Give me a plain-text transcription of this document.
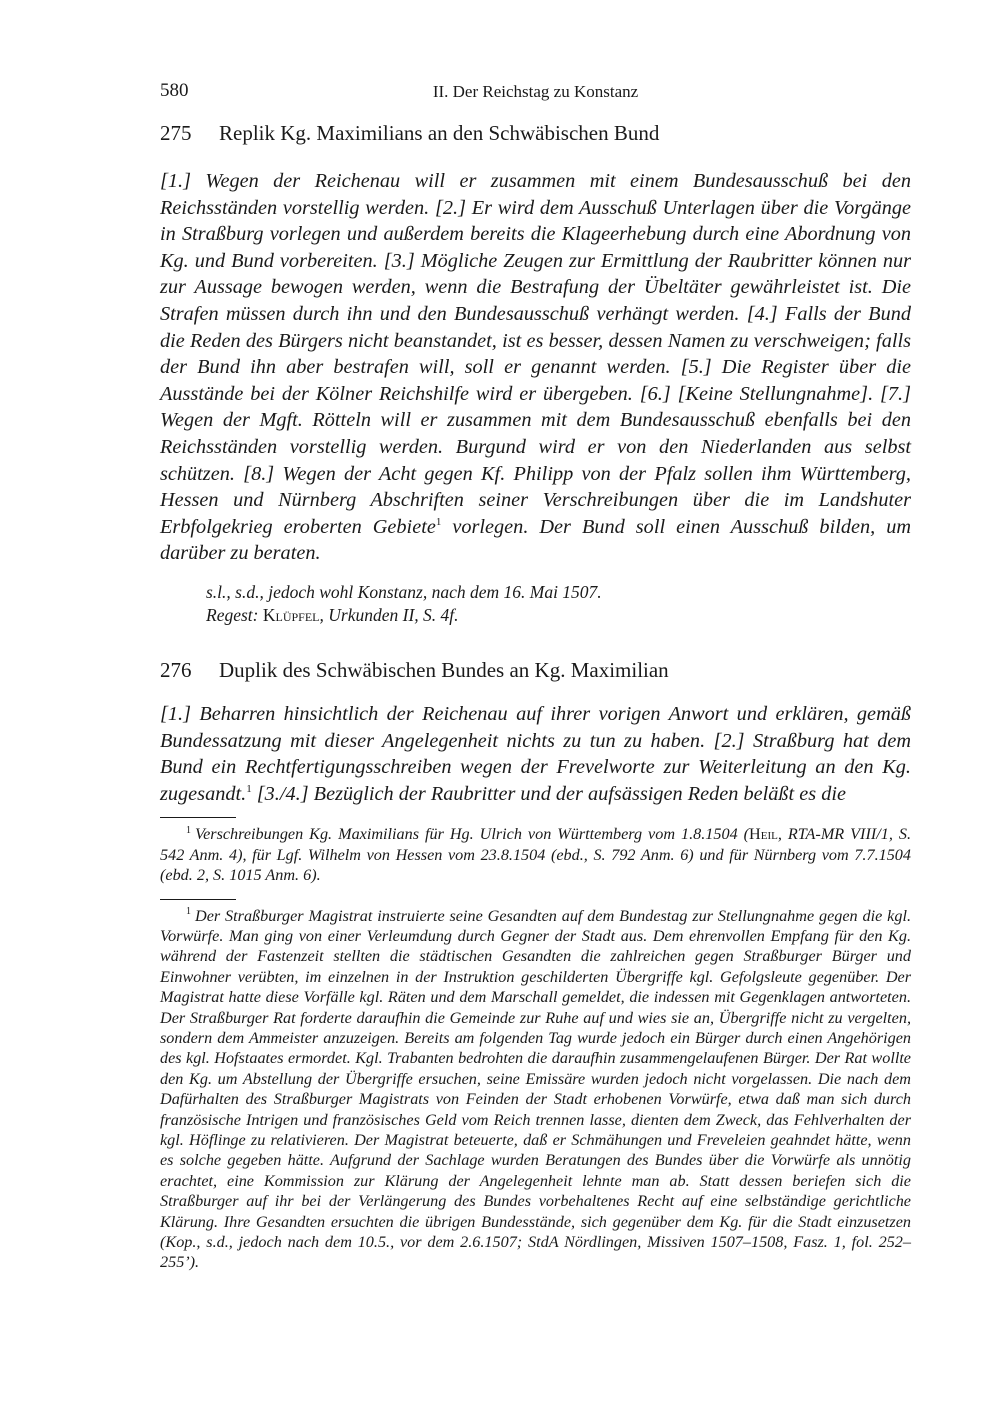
580	II. Der Reichstag zu Konstanz
275	Replik Kg. Maximilians an den Schwäbischen Bund

[1.] Wegen der Reichenau will er zusammen mit einem Bundesausschuß bei den Reichsständen vorstellig werden. [2.] Er wird dem Ausschuß Unterlagen über die Vorgänge in Straßburg vorlegen und außerdem bereits die Klageerhebung durch eine Abordnung von Kg. und Bund vorbereiten. [3.] Mögliche Zeugen zur Ermittlung der Raubritter können nur zur Aussage bewogen werden, wenn die Bestrafung der Übeltäter gewährleistet ist. Die Strafen müssen durch ihn und den Bundesausschuß verhängt werden. [4.] Falls der Bund die Reden des Bürgers nicht beanstandet, ist es besser, dessen Namen zu verschweigen; falls der Bund ihn aber bestrafen will, soll er genannt werden. [5.] Die Register über die Ausstände bei der Kölner Reichshilfe wird er übergeben. [6.] [Keine Stellungnahme]. [7.] Wegen der Mgft. Rötteln will er zusammen mit dem Bundesausschuß ebenfalls bei den Reichsständen vorstellig werden. Burgund wird er von den Niederlanden aus selbst schützen. [8.] Wegen der Acht gegen Kf. Philipp von der Pfalz sollen ihm Württemberg, Hessen und Nürnberg Abschriften seiner Verschreibungen über die im Landshuter Erbfolgekrieg eroberten Gebiete$^1$ vorlegen. Der Bund soll einen Ausschuß bilden, um darüber zu beraten.

s.l., s.d., jedoch wohl Konstanz, nach dem 16. Mai 1507.
Regest: Klüpfel, Urkunden II, S. 4f.
276	Duplik des Schwäbischen Bundes an Kg. Maximilian

[1.] Beharren hinsichtlich der Reichenau auf ihrer vorigen Anwort und erklären, gemäß Bundessatzung mit dieser Angelegenheit nichts zu tun zu haben. [2.] Straßburg hat dem Bund ein Rechtfertigungsschreiben wegen der Frevelworte zur Weiterleitung an den Kg. zugesandt.$^1$ [3./4.] Bezüglich der Raubritter und der aufsässigen Reden beläßt es die

$^1$ Verschreibungen Kg. Maximilians für Hg. Ulrich von Württemberg vom 1.8.1504 (Heil, RTA-MR VIII/1, S. 542 Anm. 4), für Lgf. Wilhelm von Hessen vom 23.8.1504 (ebd., S. 792 Anm. 6) und für Nürnberg vom 7.7.1504 (ebd. 2, S. 1015 Anm. 6).

$^1$ Der Straßburger Magistrat instruierte seine Gesandten auf dem Bundestag zur Stellungnahme gegen die kgl. Vorwürfe. Man ging von einer Verleumdung durch Gegner der Stadt aus. Dem ehrenvollen Empfang für den Kg. während der Fastenzeit stellten die städtischen Gesandten die zahlreichen gegen Straßburger Bürger und Einwohner verübten, im einzelnen in der Instruktion geschilderten Übergriffe kgl. Gefolgsleute gegenüber. Der Magistrat hatte diese Vorfälle kgl. Räten und dem Marschall gemeldet, die indessen mit Gegenklagen antworteten. Der Straßburger Rat forderte daraufhin die Gemeinde zur Ruhe auf und wies sie an, Übergriffe nicht zu vergelten, sondern dem Ammeister anzuzeigen. Bereits am folgenden Tag wurde jedoch ein Bürger durch einen Angehörigen des kgl. Hofstaates ermordet. Kgl. Trabanten bedrohten die daraufhin zusammengelaufenen Bürger. Der Rat wollte den Kg. um Abstellung der Übergriffe ersuchen, seine Emissäre wurden jedoch nicht vorgelassen. Die nach dem Dafürhalten des Straßburger Magistrats von Feinden der Stadt erhobenen Vorwürfe, etwa daß man sich durch französische Intrigen und französisches Geld vom Reich trennen lasse, dienten dem Zweck, das Fehlverhalten der kgl. Höflinge zu relativieren. Der Magistrat beteuerte, daß er Schmähungen und Freveleien geahndet hätte, wenn es solche gegeben hätte. Aufgrund der Sachlage wurden Beratungen des Bundes über die Vorwürfe als unnötig erachtet, eine Kommission zur Klärung der Angelegenheit lehnte man ab. Statt dessen beriefen sich die Straßburger auf ihr bei der Verlängerung des Bundes vorbehaltenes Recht auf eine selbständige gerichtliche Klärung. Ihre Gesandten ersuchten die übrigen Bundesstände, sich gegenüber dem Kg. für die Stadt einzusetzen (Kop., s.d., jedoch nach dem 10.5., vor dem 2.6.1507; StdA Nördlingen, Missiven 1507–1508, Fasz. 1, fol. 252–255’).
